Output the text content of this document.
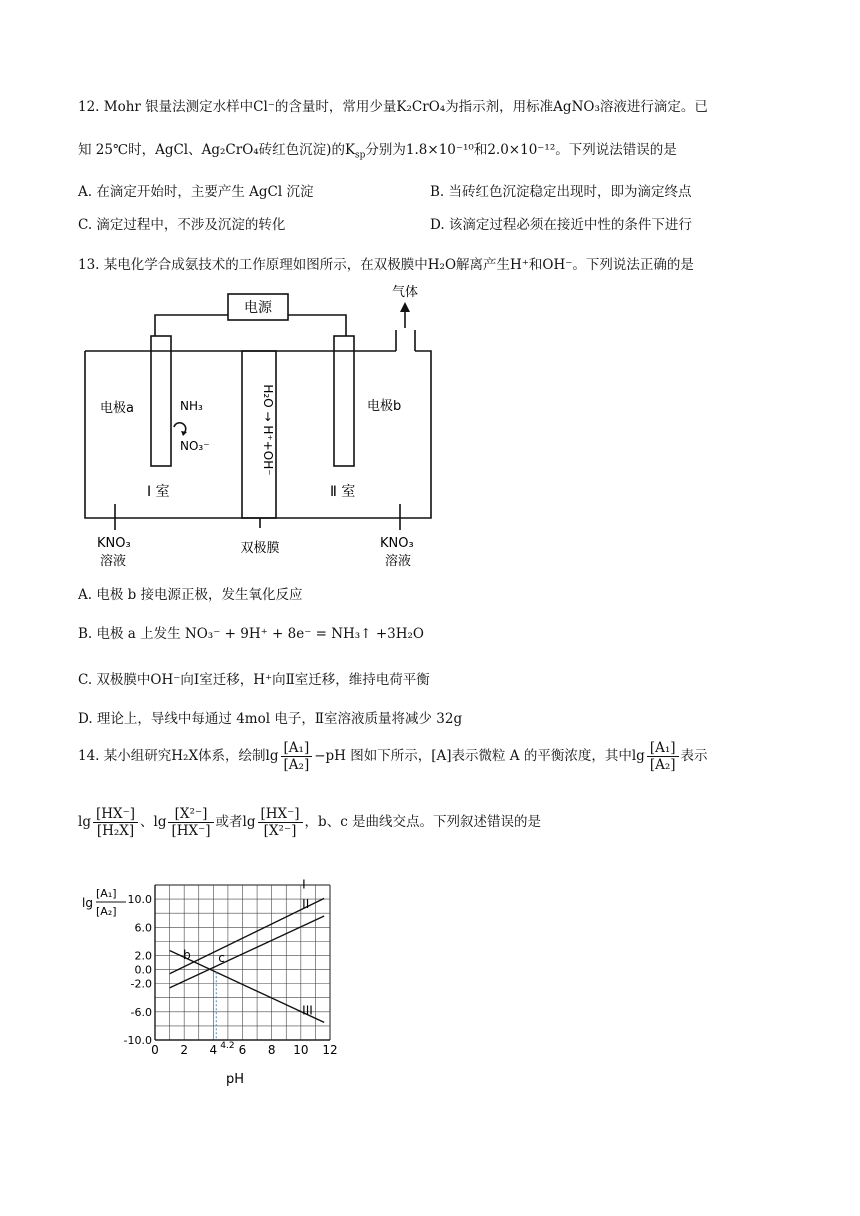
12. Mohr 银量法测定水样中Cl⁻的含量时，常用少量K₂CrO₄为指示剂，用标准AgNO₃溶液进行滴定。已
知 25℃时，AgCl、Ag₂CrO₄砖红色沉淀)的$K_{sp}$分别为1.8×10⁻¹⁰和2.0×10⁻¹²。下列说法错误的是
A. 在滴定开始时，主要产生 AgCl 沉淀	B. 当砖红色沉淀稳定出现时，即为滴定终点
C. 滴定过程中，不涉及沉淀的转化	D. 该滴定过程必须在接近中性的条件下进行
13. 某电化学合成氨技术的工作原理如图所示，在双极膜中H₂O解离产生H⁺和OH⁻。下列说法正确的是
电源
气体
电极a	电极b
NH₃
NO₃⁻	H₂O → H⁺+OH⁻
Ⅰ 室	Ⅱ 室
KNO₃
溶液
双极膜	KNO₃
溶液
A. 电极 b 接电源正极，发生氧化反应
B. 电极 a 上发生 NO₃⁻ + 9H⁺ + 8e⁻ = NH₃↑ +3H₂O
C. 双极膜中OH⁻向Ⅰ室迁移，H⁺向Ⅱ室迁移，维持电荷平衡
D. 理论上，导线中每通过 4mol 电子，Ⅱ室溶液质量将减少 32g
14. 某小组研究H₂X体系，绘制$\lg \frac{\text{[A₁]}}{\text{[A₂]}} -pH$ 图如下所示，[A]表示微粒 A 的平衡浓度，其中$\lg \frac{\text{[A₁]}}{\text{[A₂]}}$ 表示
$\lg \frac{[HX^-]}{\text{[H₂X]}}$ 、$\lg \frac{\text{[X²⁻]}}{[HX^-]}$ 或者$\lg \frac{[HX^-]}{\text{[X²⁻]}}$ ，b、c 是曲线交点。下列叙述错误的是
0 2 4 6 8 10 12
4.2
10.0
6.0
2.0
0.0
-2.0
-6.0
-10.0
I
II
III
b c
lg
[A₁]
[A₂]
pH
